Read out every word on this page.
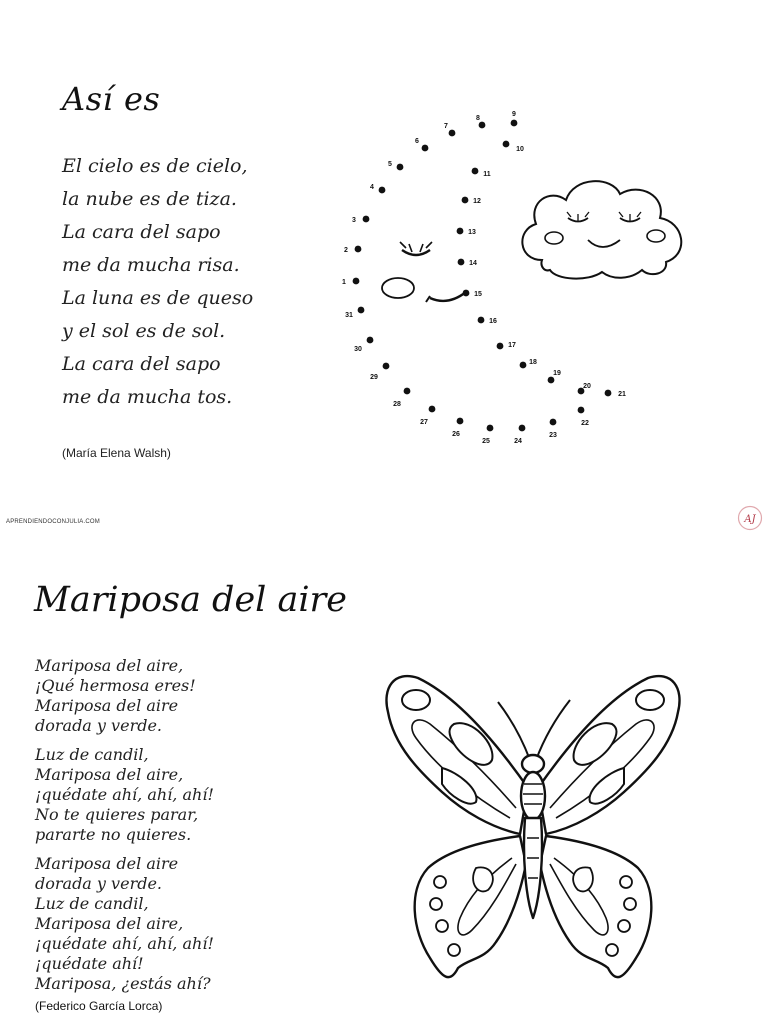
Así es
El cielo es de cielo,
la nube es de tiza.
La cara del sapo
me da mucha risa.
La luna es de queso
y el sol es de sol.
La cara del sapo
me da mucha tos.
(María Elena Walsh)
1
2
3
4
5
6
7
8
9
10
11
12
13
14
15
16
17
18
19
20
21
22
23
24
25
26
27
28
29
30
31
APRENDIENDOCONJULIA.COM	AJ
Mariposa del aire
Mariposa del aire,
¡Qué hermosa eres!
Mariposa del aire
dorada y verde.
Luz de candil,
Mariposa del aire,
¡quédate ahí, ahí, ahí!
No te quieres parar,
pararte no quieres.
Mariposa del aire
dorada y verde.
Luz de candil,
Mariposa del aire,
¡quédate ahí, ahí, ahí!
¡quédate ahí!
Mariposa, ¿estás ahí?
(Federico García Lorca)
